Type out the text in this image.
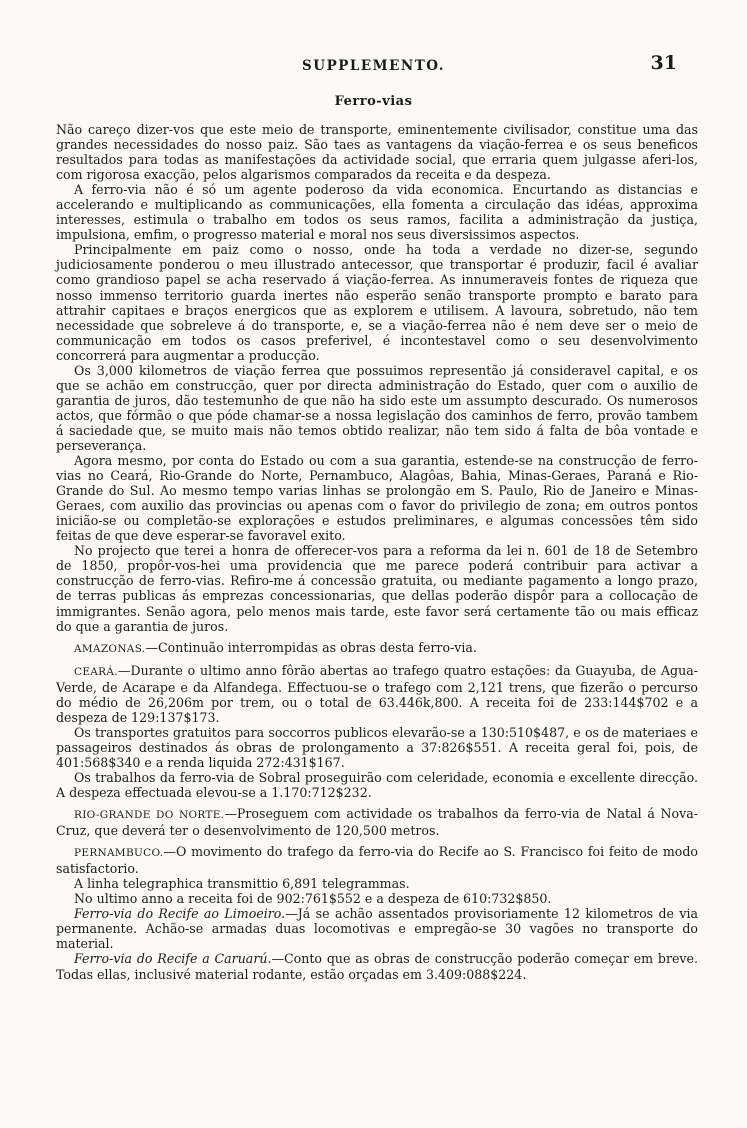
SUPPLEMENTO.	31
Ferro-vias

Não careço dizer-vos que este meio de transporte, eminentemente civilisador, constitue uma das grandes necessidades do nosso paiz. São taes as vantagens da viação-ferrea e os seus beneficos resultados para todas as manifestações da actividade social, que erraria quem julgasse aferi-los, com rigorosa exacção, pelos algarismos comparados da receita e da despeza.

A ferro-via não é só um agente poderoso da vida economica. Encurtando as distancias e accelerando e multiplicando as communicações, ella fomenta a circulação das idéas, approxima interesses, estimula o trabalho em todos os seus ramos, facilita a administração da justiça, impulsiona, emfim, o progresso material e moral nos seus diversissimos aspectos.

Principalmente em paiz como o nosso, onde ha toda a verdade no dizer-se, segundo judiciosamente ponderou o meu illustrado antecessor, que transportar é produzir, facil é avaliar como grandioso papel se acha reservado á viação-ferrea. As innumeraveis fontes de riqueza que nosso immenso territorio guarda inertes não esperão senão transporte prompto e barato para attrahir capitaes e braços energicos que as explorem e utilisem. A lavoura, sobretudo, não tem necessidade que sobreleve á do transporte, e, se a viação-ferrea não é nem deve ser o meio de communicação em todos os casos preferivel, é incontestavel como o seu desenvolvimento concorrerá para augmentar a producção.

Os 3,000 kilometros de viação ferrea que possuimos representão já consideravel capital, e os que se achão em construcção, quer por directa administração do Estado, quer com o auxilio de garantia de juros, dão testemunho de que não ha sido este um assumpto descurado. Os numerosos actos, que fórmão o que póde chamar-se a nossa legislação dos caminhos de ferro, provão tambem á saciedade que, se muito mais não temos obtido realizar, não tem sido á falta de bôa vontade e perseverança.

Agora mesmo, por conta do Estado ou com a sua garantia, estende-se na construcção de ferro-vias no Ceará, Rio-Grande do Norte, Pernambuco, Alagôas, Bahia, Minas-Geraes, Paraná e Rio-Grande do Sul. Ao mesmo tempo varias linhas se prolongão em S. Paulo, Rio de Janeiro e Minas-Geraes, com auxilio das provincias ou apenas com o favor do privilegio de zona; em outros pontos inicião-se ou completão-se explorações e estudos preliminares, e algumas concessões têm sido feitas de que deve esperar-se favoravel exito.

No projecto que terei a honra de offerecer-vos para a reforma da lei n. 601 de 18 de Setembro de 1850, propôr-vos-hei uma providencia que me parece poderá contribuir para activar a construcção de ferro-vias. Refiro-me á concessão gratuita, ou mediante pagamento a longo prazo, de terras publicas ás emprezas concessionarias, que dellas poderão dispôr para a collocação de immigrantes. Senão agora, pelo menos mais tarde, este favor será certamente tão ou mais efficaz do que a garantia de juros.

AMAZONAS.—Continuão interrompidas as obras desta ferro-via.

CEARÁ.—Durante o ultimo anno fôrão abertas ao trafego quatro estações: da Guayuba, de Agua-Verde, de Acarape e da Alfandega. Effectuou-se o trafego com 2,121 trens, que fizerão o percurso do médio de 26,206m por trem, ou o total de 63.446k,800. A receita foi de 233:144$702 e a despeza de 129:137$173.

Os transportes gratuitos para soccorros publicos elevarão-se a 130:510$487, e os de materiaes e passageiros destinados ás obras de prolongamento a 37:826$551. A receita geral foi, pois, de 401:568$340 e a renda liquida 272:431$167.

Os trabalhos da ferro-via de Sobral proseguirão com celeridade, economia e excellente direcção. A despeza effectuada elevou-se a 1.170:712$232.

RIO-GRANDE DO NORTE.—Proseguem com actividade os trabalhos da ferro-via de Natal á Nova-Cruz, que deverá ter o desenvolvimento de 120,500 metros.

PERNAMBUCO.—O movimento do trafego da ferro-via do Recife ao S. Francisco foi feito de modo satisfactorio.

A linha telegraphica transmittio 6,891 telegrammas.

No ultimo anno a receita foi de 902:761$552 e a despeza de 610:732$850.

Ferro-via do Recife ao Limoeiro.—Já se achão assentados provisoriamente 12 kilometros de via permanente. Achão-se armadas duas locomotivas e empregão-se 30 vagões no transporte do material.

Ferro-via do Recife a Caruarú.—Conto que as obras de construcção poderão começar em breve. Todas ellas, inclusivé material rodante, estão orçadas em 3.409:088$224.
